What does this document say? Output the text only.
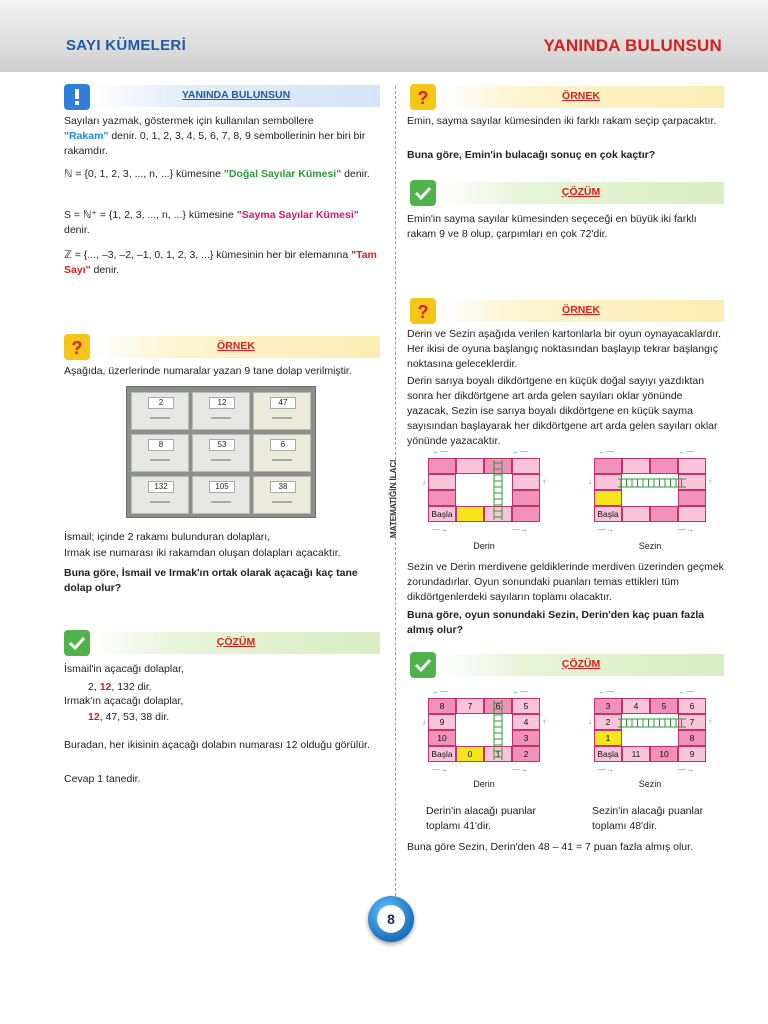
SAYI KÜMELERİ	YANINDA BULUNSUN
YANINDA BULUNSUN
Sayıları yazmak, göstermek için kullanılan sembollere
"Rakam" denir. 0, 1, 2, 3, 4, 5, 6, 7, 8, 9 sembollerinin her biri bir rakamdır.
ℕ = {0, 1, 2, 3, ..., n, ...} kümesine "Doğal Sayılar Kümesi" denir.
S = ℕ⁺ = {1, 2, 3, ..., n, ...} kümesine "Sayma Sayılar Kümesi" denir.
ℤ = {..., –3, –2, –1, 0, 1, 2, 3, ...} kümesinin her bir elemanına "Tam Sayı" denir.
?	ÖRNEK
Aşağıda, üzerlerinde numaralar yazan 9 tane dolap verilmiştir.
2	12	47
8	53	6
132	105	38
İsmail; içinde 2 rakamı bulunduran dolapları,
Irmak ise numarası iki rakamdan oluşan dolapları açacaktır.
Buna göre, İsmail ve Irmak'ın ortak olarak açacağı kaç tane dolap olur?
ÇÖZÜM
İsmail'in açacağı dolaplar,
2, 12, 132 dir.
Irmak'ın açacağı dolaplar,
12, 47, 53, 38 dir.
Buradan, her ikisinin açacağı dolabın numarası 12 olduğu görülür.
Cevap 1 tanedir.
MATEMATİĞİN İLACI
?	ÖRNEK
Emin, sayma sayılar kümesinden iki farklı rakam seçip çarpacaktır.
Buna göre, Emin'in bulacağı sonuç en çok kaçtır?
ÇÖZÜM
Emin'in sayma sayılar kümesinden seçeceği en büyük iki farklı rakam 9 ve 8 olup, çarpımları en çok 72'dir.
?	ÖRNEK
Derin ve Sezin aşağıda verilen kartonlarla bir oyun oynayacaklardır. Her ikisi de oyuna başlangıç noktasından başlayıp tekrar başlangıç noktasına geleceklerdir.
Derin sarıya boyalı dikdörtgene en küçük doğal sayıyı yazdıktan sonra her dikdörtgene art arda gelen sayıları oklar yönünde yazacak, Sezin ise sarıya boyalı dikdörtgene en küçük sayma sayısından başlayarak her dikdörtgene art arda gelen sayıları oklar yönünde yazacaktır.
Başla
←—	←—
—→	—→
↓	↑
Başla
←—	←—
—→	—→
↓	↑
Derin	Sezin
Sezin ve Derin merdivene geldiklerinde merdiven üzerinden geçmek zorundadırlar. Oyun sonundaki puanları temas ettikleri tüm dikdörtgenlerdeki sayıların toplamı olacaktır.
Buna göre, oyun sonundaki Sezin, Derin'den kaç puan fazla almış olur?
ÇÖZÜM
8	7	6	5
9
10
4
3
Başla	0	1	2
←—	←—
—→	—→
↓	↑
3	4	5	6
2
1
7
8
Başla	11	10	9
←—	←—
—→	—→
↓	↑
Derin	Sezin
Derin'in alacağı puanlar toplamı 41'dir.
Sezin'in alacağı puanlar toplamı 48'dir.
Buna göre Sezin, Derin'den 48 – 41 = 7 puan fazla almış olur.
8
